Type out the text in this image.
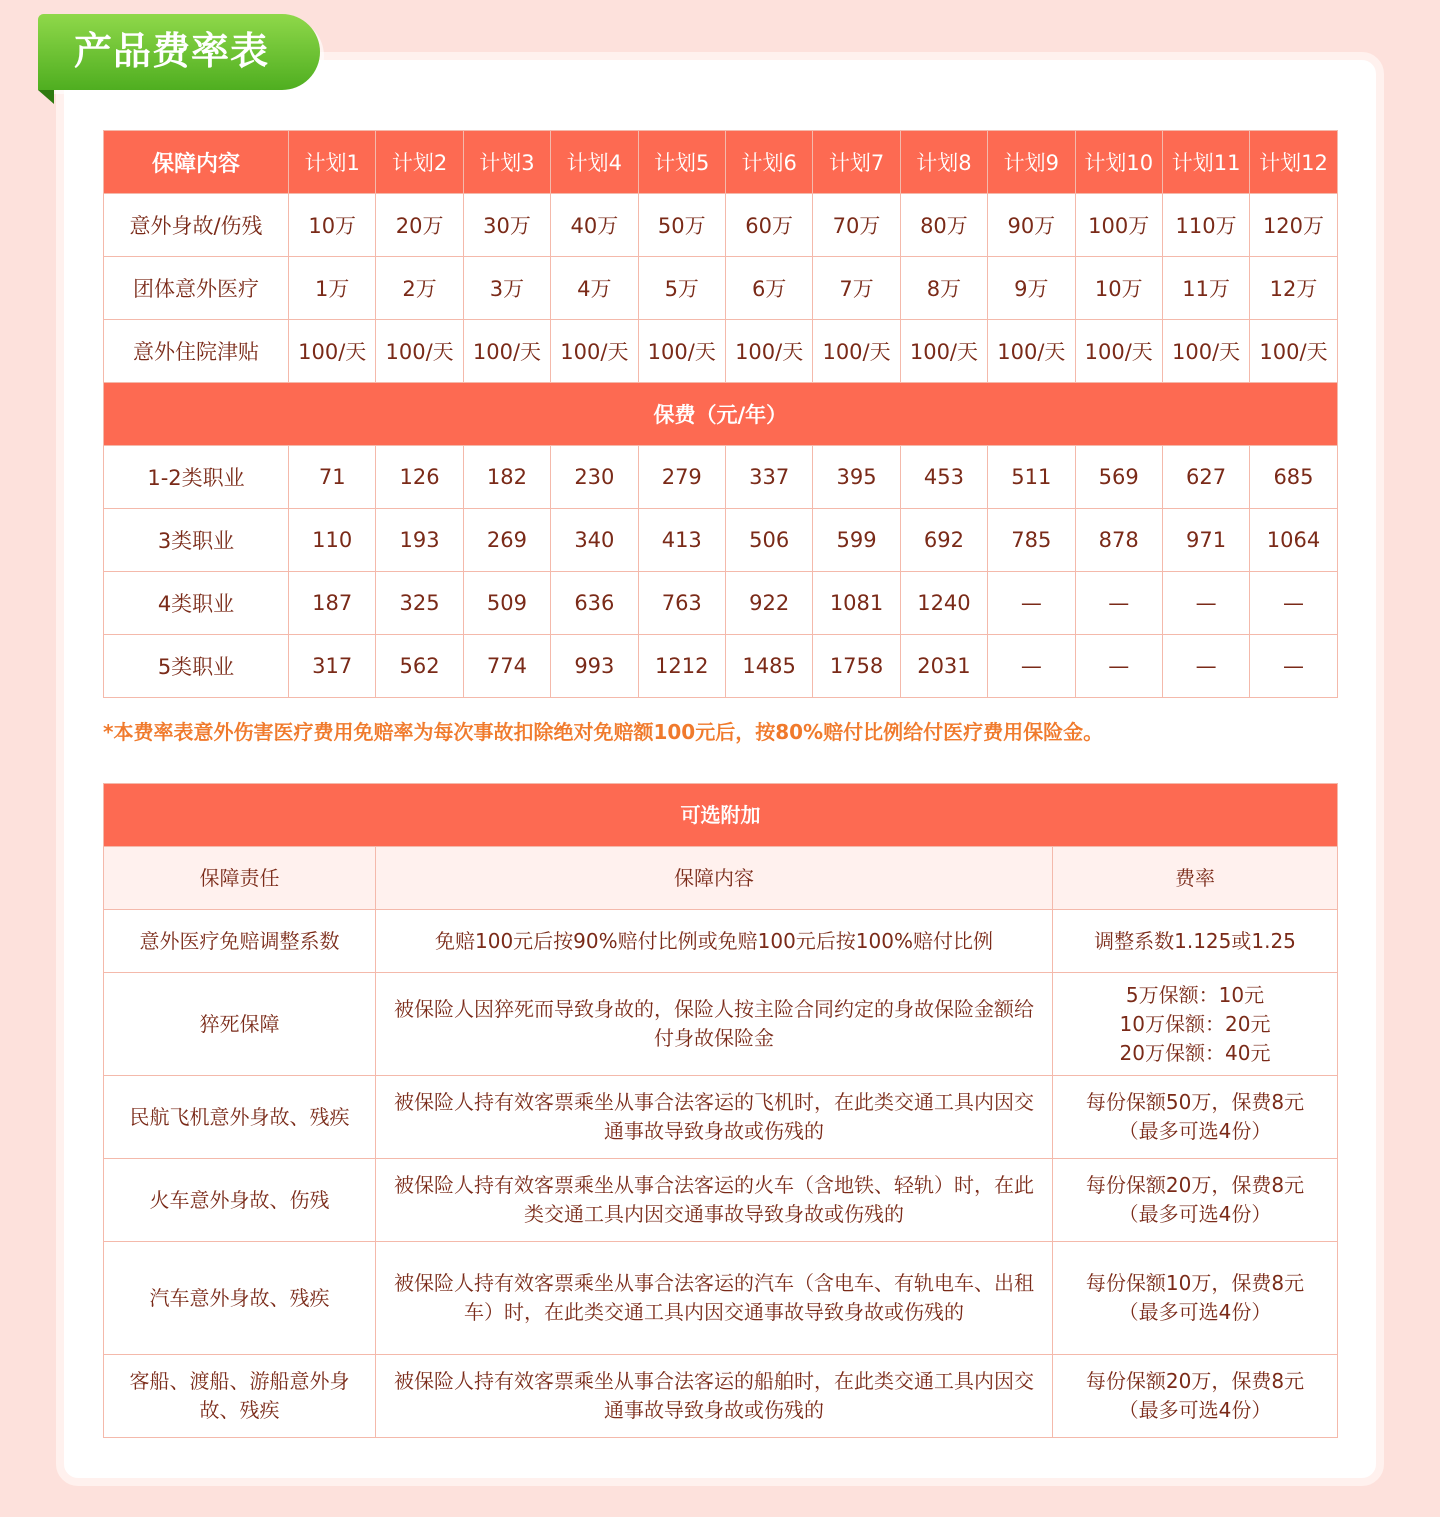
产品费率表
保障内容	计划1	计划2	计划3	计划4	计划5	计划6	计划7	计划8	计划9	计划10	计划11	计划12
意外身故/伤残	10万	20万	30万	40万	50万	60万	70万	80万	90万	100万	110万	120万
团体意外医疗	1万	2万	3万	4万	5万	6万	7万	8万	9万	10万	11万	12万
意外住院津贴	100/天	100/天	100/天	100/天	100/天	100/天	100/天	100/天	100/天	100/天	100/天	100/天
保费（元/年）												
1-2类职业	71	126	182	230	279	337	395	453	511	569	627	685
3类职业	110	193	269	340	413	506	599	692	785	878	971	1064
4类职业	187	325	509	636	763	922	1081	1240	—	—	—	—
5类职业	317	562	774	993	1212	1485	1758	2031	—	—	—	—
*本费率表意外伤害医疗费用免赔率为每次事故扣除绝对免赔额100元后，按80%赔付比例给付医疗费用保险金。
可选附加		
保障责任	保障内容	费率
意外医疗免赔调整系数	免赔100元后按90%赔付比例或免赔100元后按100%赔付比例	调整系数1.125或1.25

猝死保障	被保险人因猝死而导致身故的，保险人按主险合同约定的身故保险金额给付身故保险金	5万保额：10元
10万保额：20元
20万保额：40元

民航飞机意外身故、残疾	被保险人持有效客票乘坐从事合法客运的飞机时，在此类交通工具内因交通事故导致身故或伤残的	每份保额50万，保费8元
（最多可选4份）

火车意外身故、伤残	被保险人持有效客票乘坐从事合法客运的火车（含地铁、轻轨）时，在此类交通工具内因交通事故导致身故或伤残的	每份保额20万，保费8元
（最多可选4份）

汽车意外身故、残疾	被保险人持有效客票乘坐从事合法客运的汽车（含电车、有轨电车、出租车）时，在此类交通工具内因交通事故导致身故或伤残的	每份保额10万，保费8元
（最多可选4份）

客船、渡船、游船意外身故、残疾	被保险人持有效客票乘坐从事合法客运的船舶时，在此类交通工具内因交通事故导致身故或伤残的	每份保额20万，保费8元
（最多可选4份）
